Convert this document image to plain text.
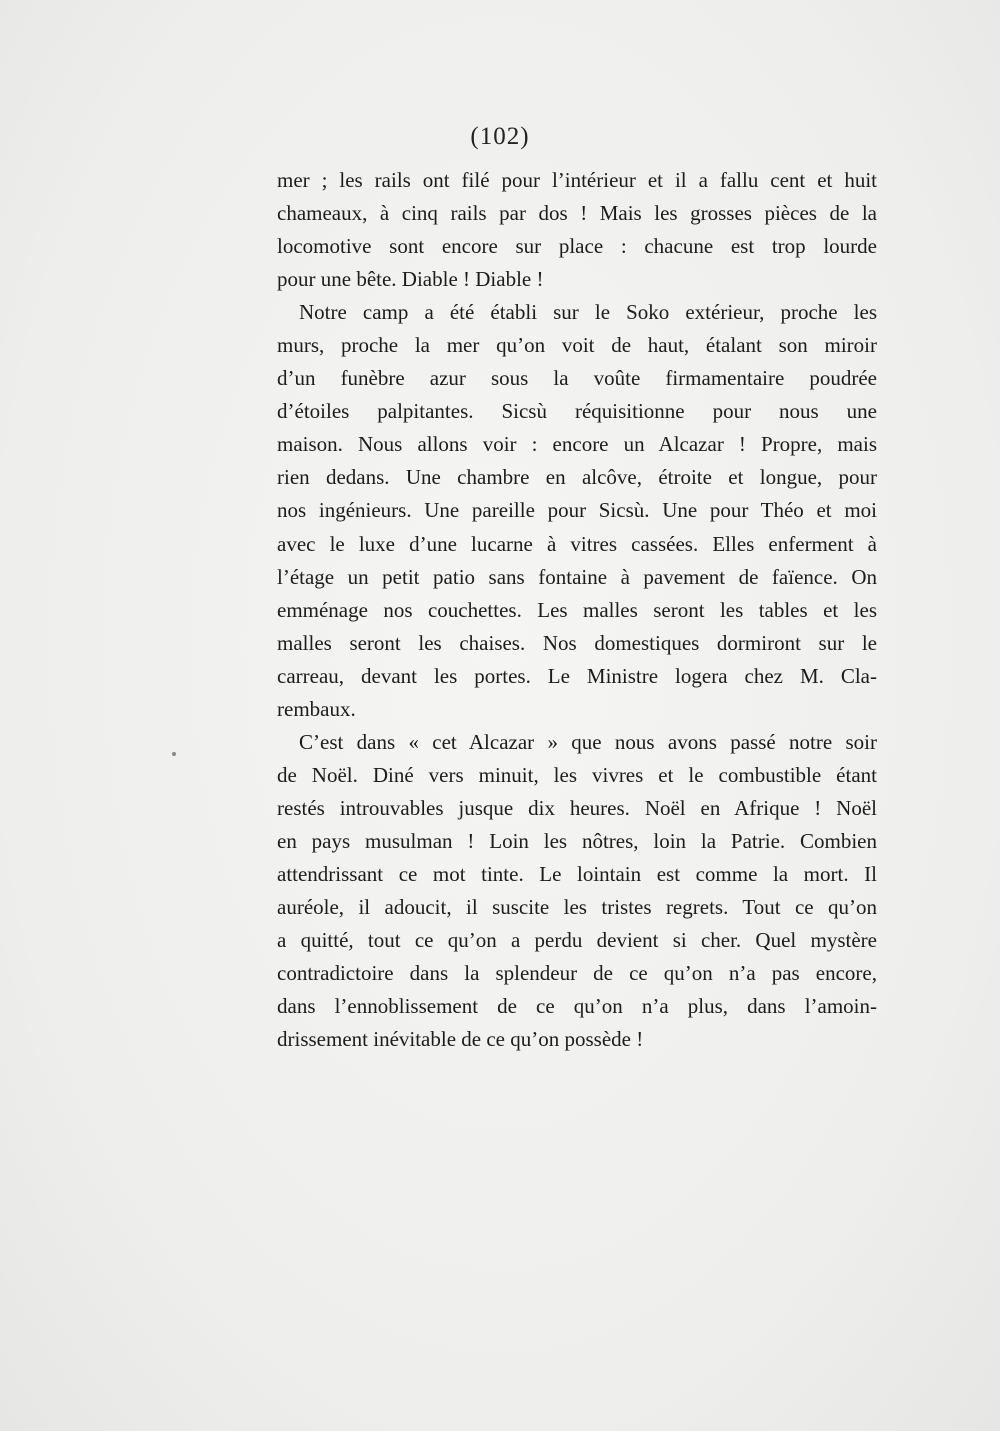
(102)
mer ; les rails ont filé pour l’intérieur et il a fallu cent et huit
chameaux, à cinq rails par dos ! Mais les grosses pièces de la
locomotive sont encore sur place : chacune est trop lourde
pour une bête. Diable ! Diable !
Notre camp a été établi sur le Soko extérieur, proche les
murs, proche la mer qu’on voit de haut, étalant son miroir
d’un funèbre azur sous la voûte firmamentaire poudrée
d’étoiles palpitantes. Sicsù réquisitionne pour nous une
maison. Nous allons voir : encore un Alcazar ! Propre, mais
rien dedans. Une chambre en alcôve, étroite et longue, pour
nos ingénieurs. Une pareille pour Sicsù. Une pour Théo et moi
avec le luxe d’une lucarne à vitres cassées. Elles enferment à
l’étage un petit patio sans fontaine à pavement de faïence. On
emménage nos couchettes. Les malles seront les tables et les
malles seront les chaises. Nos domestiques dormiront sur le
carreau, devant les portes. Le Ministre logera chez M. Cla-
rembaux.
C’est dans « cet Alcazar » que nous avons passé notre soir
de Noël. Diné vers minuit, les vivres et le combustible étant
restés introuvables jusque dix heures. Noël en Afrique ! Noël
en pays musulman ! Loin les nôtres, loin la Patrie. Combien
attendrissant ce mot tinte. Le lointain est comme la mort. Il
auréole, il adoucit, il suscite les tristes regrets. Tout ce qu’on
a quitté, tout ce qu’on a perdu devient si cher. Quel mystère
contradictoire dans la splendeur de ce qu’on n’a pas encore,
dans l’ennoblissement de ce qu’on n’a plus, dans l’amoin-
drissement inévitable de ce qu’on possède !
